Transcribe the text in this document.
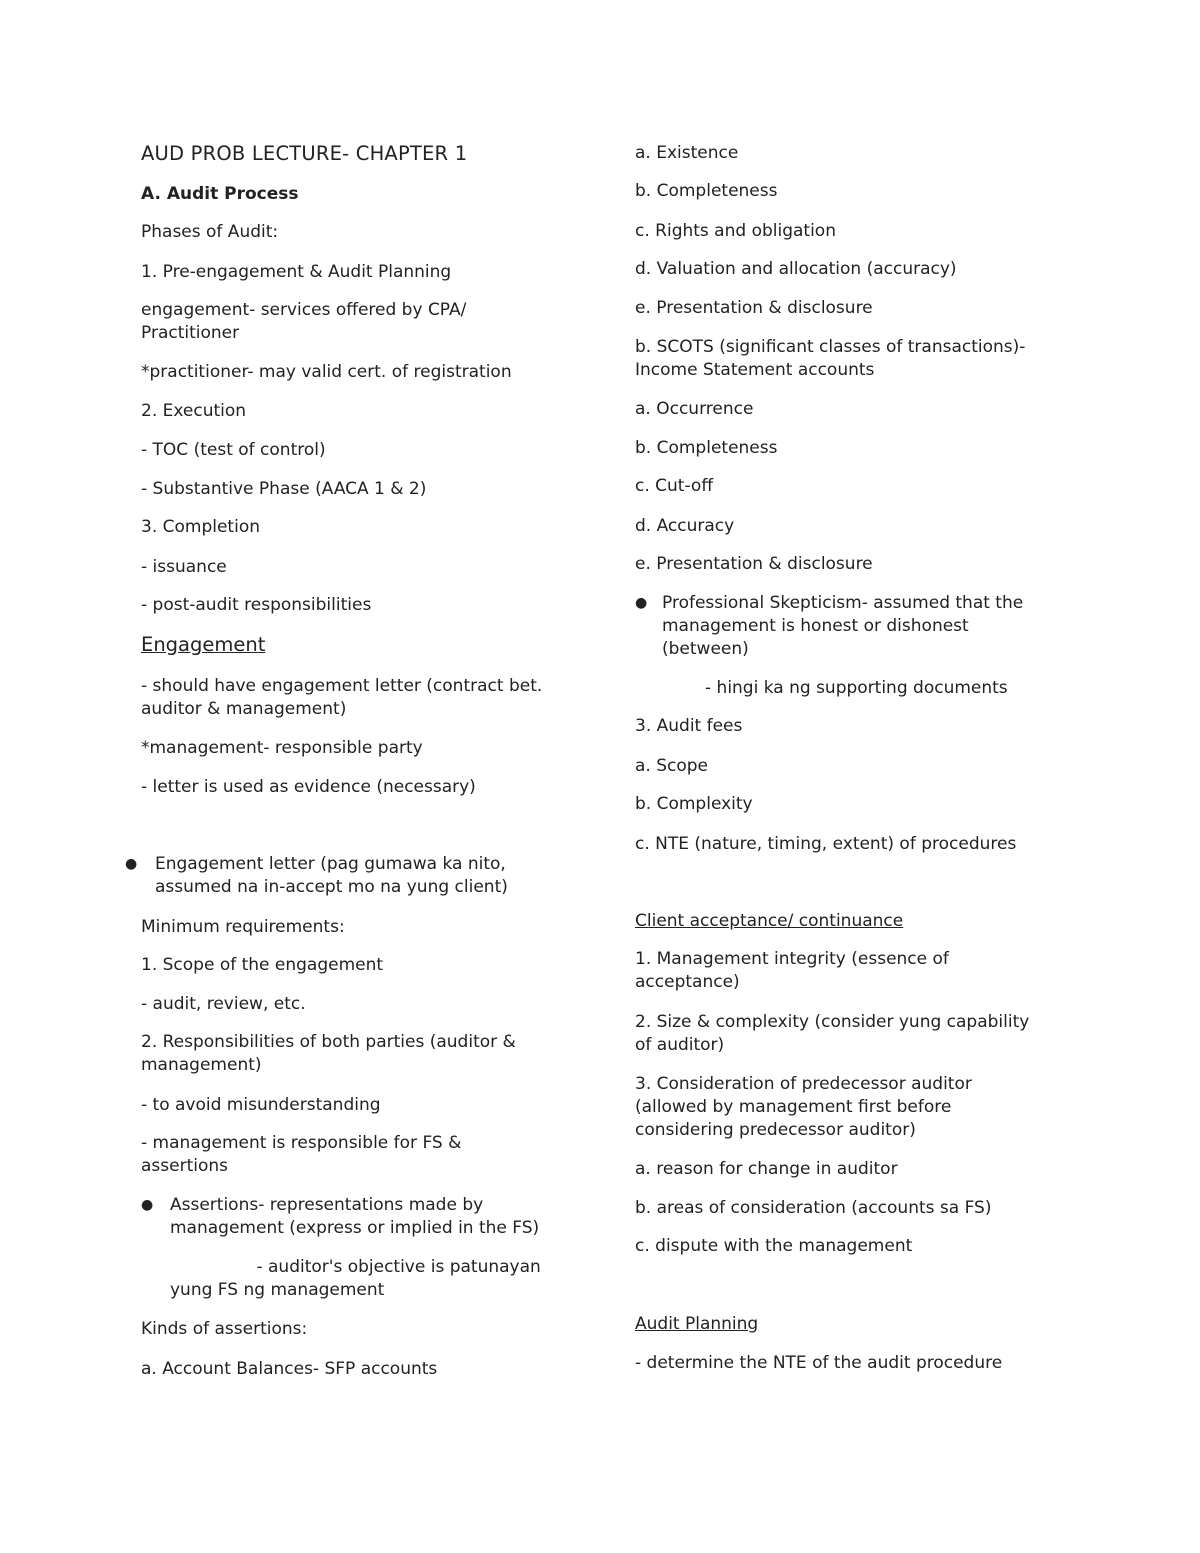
AUD PROB LECTURE- CHAPTER 1
A. Audit Process
Phases of Audit:
1. Pre-engagement & Audit Planning
engagement- services offered by CPA/
Practitioner
*practitioner- may valid cert. of registration
2. Execution
- TOC (test of control)
- Substantive Phase (AACA 1 & 2)
3. Completion
- issuance
- post-audit responsibilities
Engagement
- should have engagement letter (contract bet.
auditor & management)
*management- responsible party
- letter is used as evidence (necessary)
● Engagement letter (pag gumawa ka nito,
assumed na in-accept mo na yung client)
Minimum requirements:
1. Scope of the engagement
- audit, review, etc.
2. Responsibilities of both parties (auditor &
management)
- to avoid misunderstanding
- management is responsible for FS &
assertions
● Assertions- representations made by
management (express or implied in the FS)
- auditor's objective is patunayan
yung FS ng management
Kinds of assertions:
a. Account Balances- SFP accounts
a. Existence
b. Completeness
c. Rights and obligation
d. Valuation and allocation (accuracy)
e. Presentation & disclosure
b. SCOTS (significant classes of transactions)-
Income Statement accounts
a. Occurrence
b. Completeness
c. Cut-off
d. Accuracy
e. Presentation & disclosure
● Professional Skepticism- assumed that the
management is honest or dishonest
(between)
- hingi ka ng supporting documents
3. Audit fees
a. Scope
b. Complexity
c. NTE (nature, timing, extent) of procedures
Client acceptance/ continuance
1. Management integrity (essence of
acceptance)
2. Size & complexity (consider yung capability
of auditor)
3. Consideration of predecessor auditor
(allowed by management first before
considering predecessor auditor)
a. reason for change in auditor
b. areas of consideration (accounts sa FS)
c. dispute with the management
Audit Planning
- determine the NTE of the audit procedure
